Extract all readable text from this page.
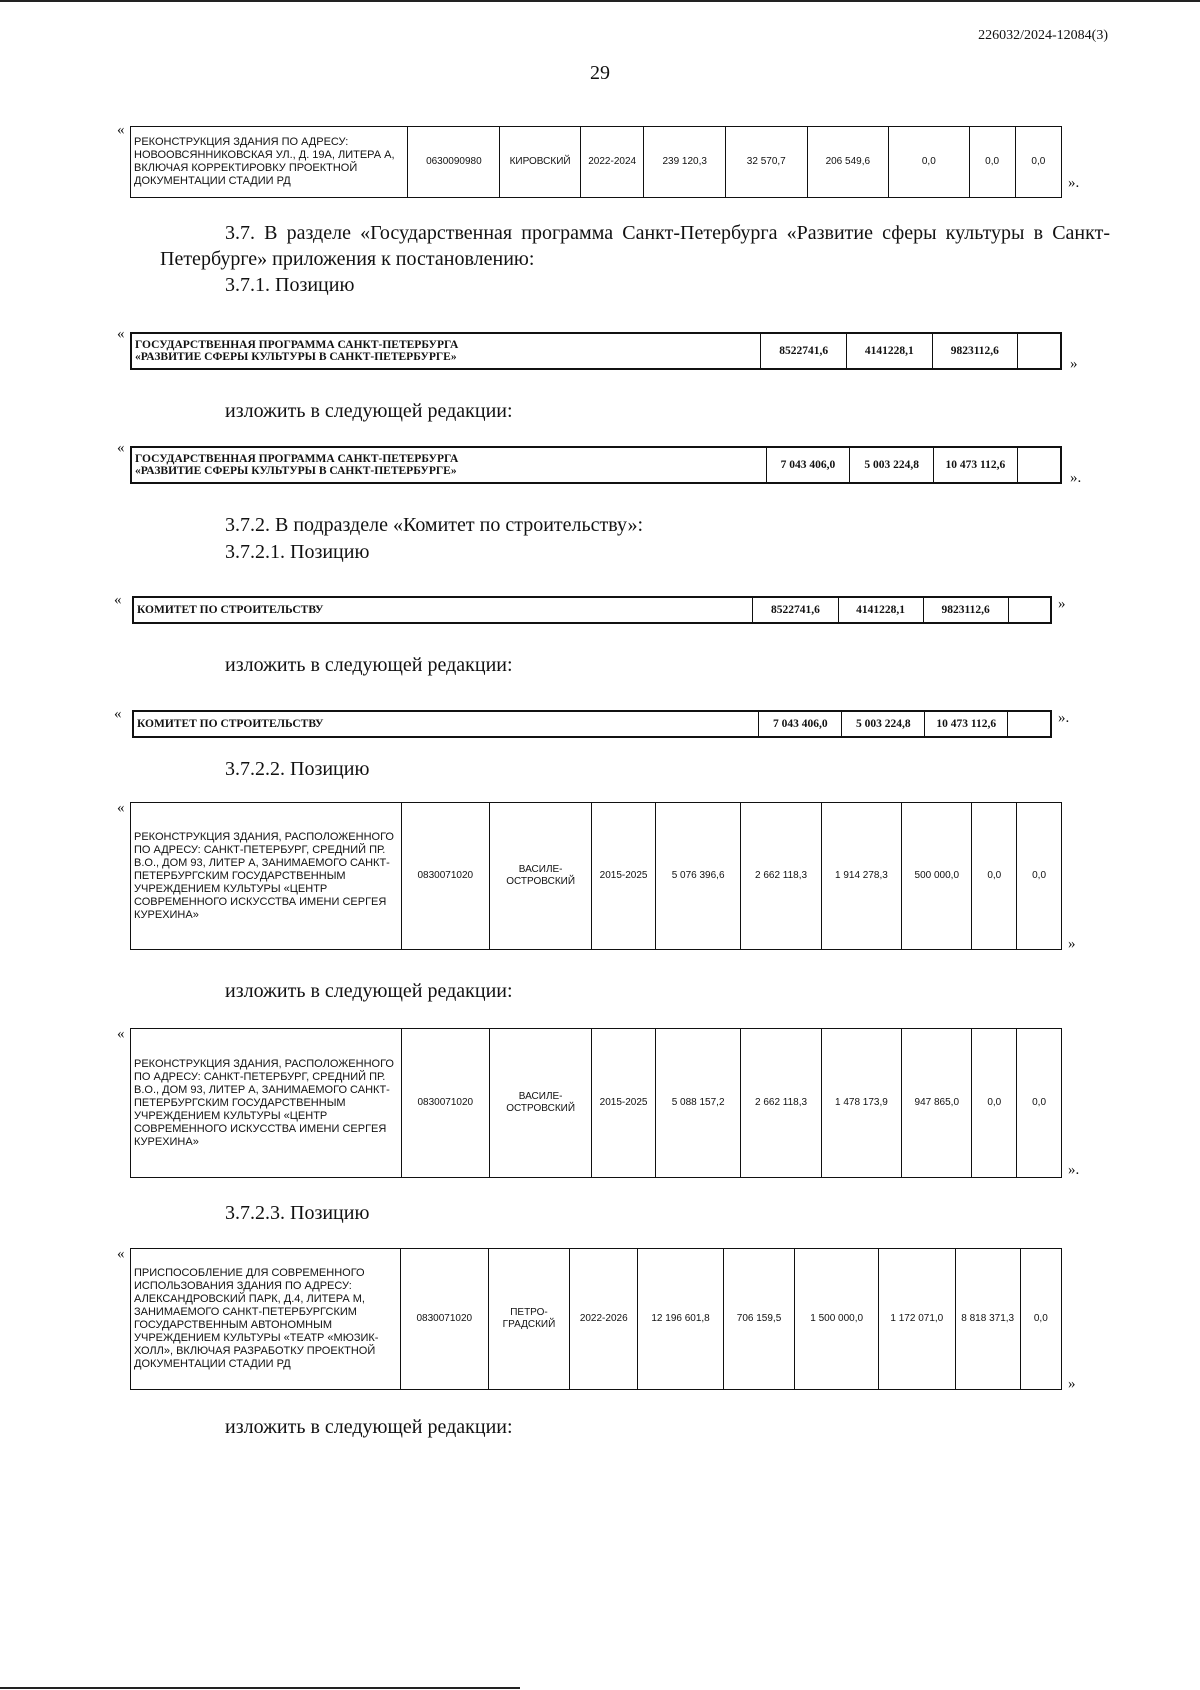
226032/2024-12084(3)
29
«
РЕКОНСТРУКЦИЯ ЗДАНИЯ ПО АДРЕСУ: НОВООВСЯННИКОВСКАЯ УЛ., Д. 19А, ЛИТЕРА А, ВКЛЮЧАЯ КОРРЕКТИРОВКУ ПРОЕКТНОЙ ДОКУМЕНТАЦИИ СТАДИИ РД	0630090980	КИРОВСКИЙ	2022-2024	239 120,3	32 570,7	206 549,6	0,0	0,0	0,0
».
3.7. В разделе «Государственная программа Санкт-Петербурга «Развитие сферы культуры в Санкт-Петербурге» приложения к постановлению:
3.7.1. Позицию
«
ГОСУДАРСТВЕННАЯ ПРОГРАММА САНКТ-ПЕТЕРБУРГА
«РАЗВИТИЕ СФЕРЫ КУЛЬТУРЫ В САНКТ-ПЕТЕРБУРГЕ»	8522741,6	4141228,1	9823112,6	
»
изложить в следующей редакции:
«
ГОСУДАРСТВЕННАЯ ПРОГРАММА САНКТ-ПЕТЕРБУРГА
«РАЗВИТИЕ СФЕРЫ КУЛЬТУРЫ В САНКТ-ПЕТЕРБУРГЕ»	7 043 406,0	5 003 224,8	10 473 112,6	
».
3.7.2. В подразделе «Комитет по строительству»:
3.7.2.1. Позицию
«
КОМИТЕТ ПО СТРОИТЕЛЬСТВУ	8522741,6	4141228,1	9823112,6		»
изложить в следующей редакции:
«
КОМИТЕТ ПО СТРОИТЕЛЬСТВУ	7 043 406,0	5 003 224,8	10 473 112,6		».
3.7.2.2. Позицию
«
РЕКОНСТРУКЦИЯ ЗДАНИЯ, РАСПОЛОЖЕННОГО ПО АДРЕСУ: САНКТ-ПЕТЕРБУРГ, СРЕДНИЙ ПР. В.О., ДОМ 93, ЛИТЕР А, ЗАНИМАЕМОГО САНКТ-ПЕТЕРБУРГСКИМ ГОСУДАРСТВЕННЫМ УЧРЕЖДЕНИЕМ КУЛЬТУРЫ «ЦЕНТР СОВРЕМЕННОГО ИСКУССТВА ИМЕНИ СЕРГЕЯ КУРЕХИНА»	0830071020	ВАСИЛЕ-ОСТРОВСКИЙ	2015-2025	5 076 396,6	2 662 118,3	1 914 278,3	500 000,0	0,0	0,0
»
изложить в следующей редакции:
«
РЕКОНСТРУКЦИЯ ЗДАНИЯ, РАСПОЛОЖЕННОГО ПО АДРЕСУ: САНКТ-ПЕТЕРБУРГ, СРЕДНИЙ ПР. В.О., ДОМ 93, ЛИТЕР А, ЗАНИМАЕМОГО САНКТ-ПЕТЕРБУРГСКИМ ГОСУДАРСТВЕННЫМ УЧРЕЖДЕНИЕМ КУЛЬТУРЫ «ЦЕНТР СОВРЕМЕННОГО ИСКУССТВА ИМЕНИ СЕРГЕЯ КУРЕХИНА»	0830071020	ВАСИЛЕ-ОСТРОВСКИЙ	2015-2025	5 088 157,2	2 662 118,3	1 478 173,9	947 865,0	0,0	0,0
».
3.7.2.3. Позицию
«
ПРИСПОСОБЛЕНИЕ ДЛЯ СОВРЕМЕННОГО ИСПОЛЬЗОВАНИЯ ЗДАНИЯ ПО АДРЕСУ: АЛЕКСАНДРОВСКИЙ ПАРК, Д.4, ЛИТЕРА М, ЗАНИМАЕМОГО САНКТ-ПЕТЕРБУРГСКИМ ГОСУДАРСТВЕННЫМ АВТОНОМНЫМ УЧРЕЖДЕНИЕМ КУЛЬТУРЫ «ТЕАТР «МЮЗИК-ХОЛЛ», ВКЛЮЧАЯ РАЗРАБОТКУ ПРОЕКТНОЙ ДОКУМЕНТАЦИИ СТАДИИ РД	0830071020	ПЕТРО-ГРАДСКИЙ	2022-2026	12 196 601,8	706 159,5	1 500 000,0	1 172 071,0	8 818 371,3	0,0
»
изложить в следующей редакции:
